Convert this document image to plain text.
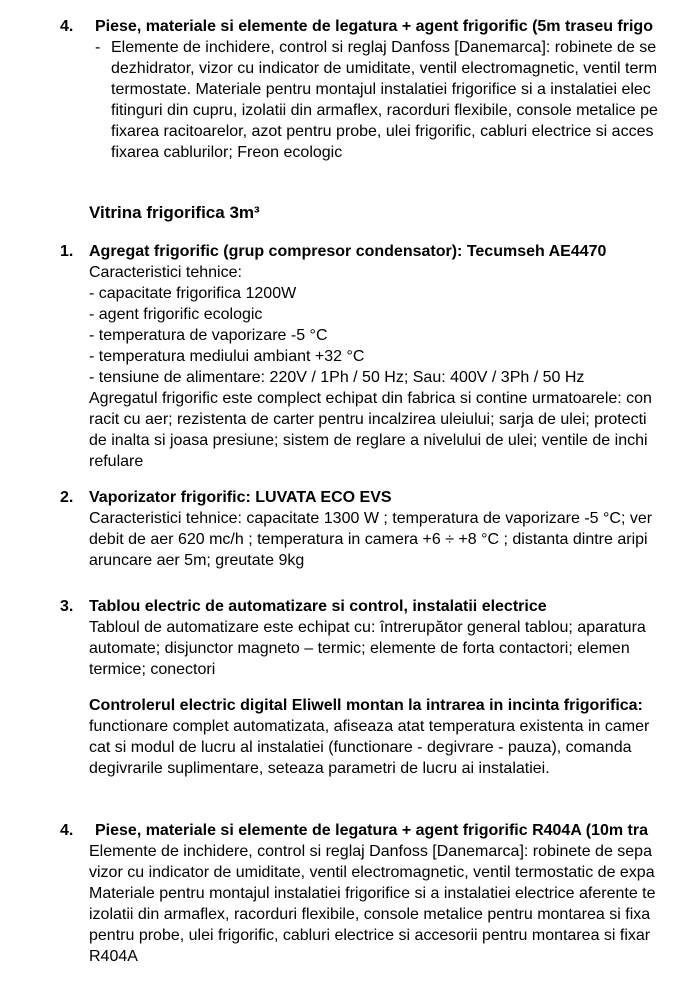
4. Piese, materiale si elemente de legatura + agent frigorific (5m traseu frigo
- Elemente de inchidere, control si reglaj Danfoss [Danemarca]: robinete de se
dezhidrator, vizor cu indicator de umiditate, ventil electromagnetic, ventil term
termostate. Materiale pentru montajul instalatiei frigorifice si a instalatiei elec
fitinguri din cupru, izolatii din armaflex, racorduri flexibile, console metalice pe
fixarea racitoarelor, azot pentru probe, ulei frigorific, cabluri electrice si acces
fixarea cablurilor; Freon ecologic
Vitrina frigorifica 3m³
1. Agregat frigorific (grup compresor condensator): Tecumseh AE4470
Caracteristici tehnice:
- capacitate frigorifica 1200W
- agent frigorific ecologic
- temperatura de vaporizare -5 °C
- temperatura mediului ambiant +32 °C
- tensiune de alimentare: 220V / 1Ph / 50 Hz; Sau: 400V / 3Ph / 50 Hz
Agregatul frigorific este complect echipat din fabrica si contine urmatoarele: con
racit cu aer; rezistenta de carter pentru incalzirea uleiului; sarja de ulei; protecti
de inalta si joasa presiune; sistem de reglare a nivelului de ulei; ventile de inchi
refulare
2. Vaporizator frigorific: LUVATA ECO EVS
Caracteristici tehnice: capacitate 1300 W ; temperatura de vaporizare -5 °C; ver
debit de aer 620 mc/h ; temperatura in camera +6 ÷ +8 °C ; distanta dintre aripi
aruncare aer 5m; greutate 9kg
3. Tablou electric de automatizare si control, instalatii electrice
Tabloul de automatizare este echipat cu: întrerupător general tablou; aparatura
automate; disjunctor magneto – termic; elemente de forta contactori; elemen
termice; conectori
Controlerul electric digital Eliwell montan la intrarea in incinta frigorifica:
functionare complet automatizata, afiseaza atat temperatura existenta in camer
cat si modul de lucru al instalatiei (functionare - degivrare - pauza), comanda
degivrarile suplimentare, seteaza parametri de lucru ai instalatiei.
4. Piese, materiale si elemente de legatura + agent frigorific R404A (10m tra
Elemente de inchidere, control si reglaj Danfoss [Danemarca]: robinete de sepa
vizor cu indicator de umiditate, ventil electromagnetic, ventil termostatic de expa
Materiale pentru montajul instalatiei frigorifice si a instalatiei electrice aferente te
izolatii din armaflex, racorduri flexibile, console metalice pentru montarea si fixa
pentru probe, ulei frigorific, cabluri electrice si accesorii pentru montarea si fixar
R404A
